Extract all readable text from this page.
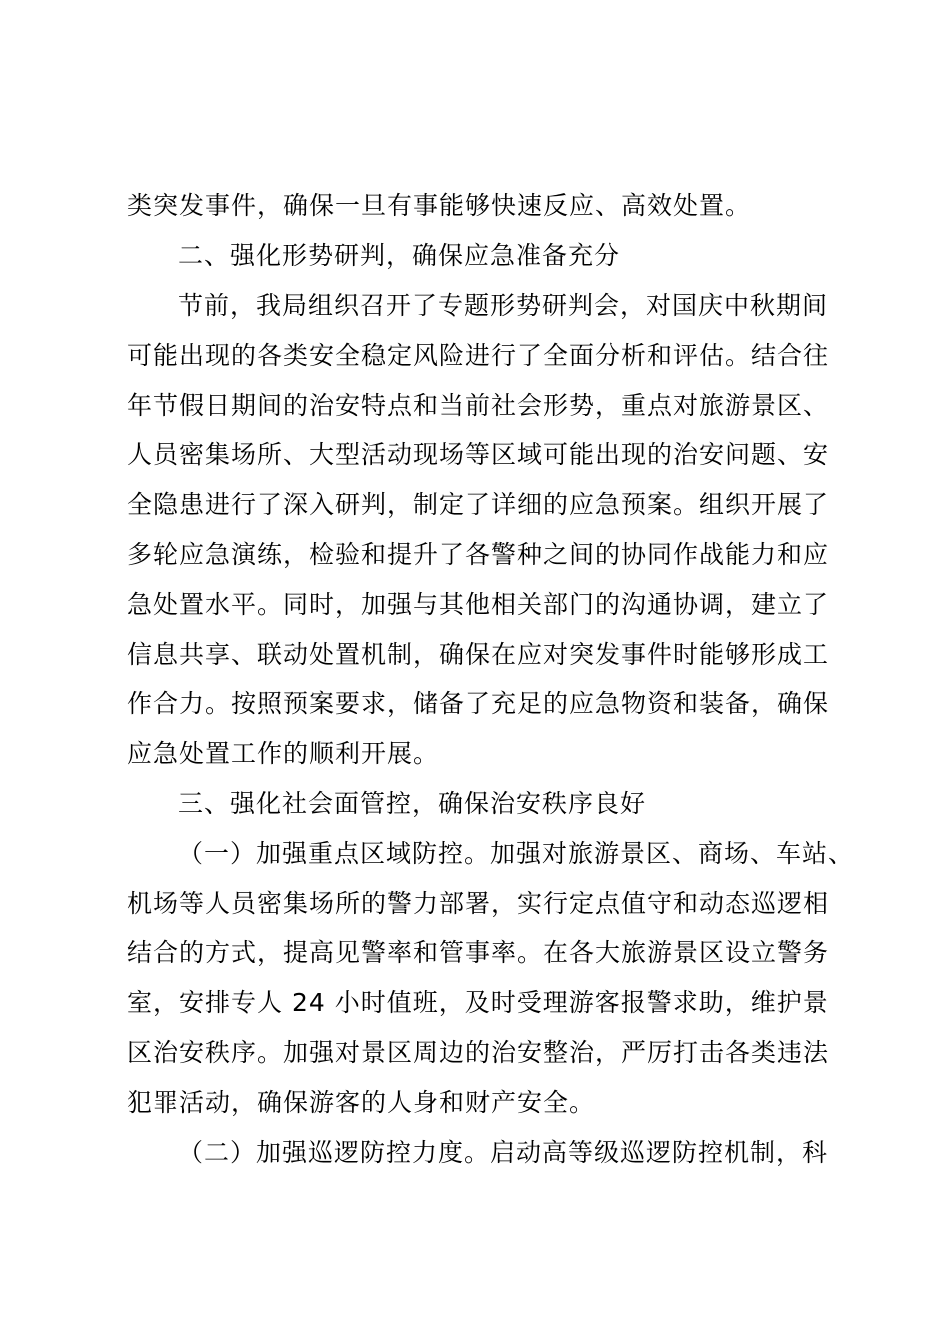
类突发事件，确保一旦有事能够快速反应、高效处置。
二、强化形势研判，确保应急准备充分
节前，我局组织召开了专题形势研判会，对国庆中秋期间
可能出现的各类安全稳定风险进行了全面分析和评估。结合往
年节假日期间的治安特点和当前社会形势，重点对旅游景区、
人员密集场所、大型活动现场等区域可能出现的治安问题、安
全隐患进行了深入研判，制定了详细的应急预案。组织开展了
多轮应急演练，检验和提升了各警种之间的协同作战能力和应
急处置水平。同时，加强与其他相关部门的沟通协调，建立了
信息共享、联动处置机制，确保在应对突发事件时能够形成工
作合力。按照预案要求，储备了充足的应急物资和装备，确保
应急处置工作的顺利开展。
三、强化社会面管控，确保治安秩序良好
（一）加强重点区域防控。加强对旅游景区、商场、车站、
机场等人员密集场所的警力部署，实行定点值守和动态巡逻相
结合的方式，提高见警率和管事率。在各大旅游景区设立警务
室，安排专人 24 小时值班，及时受理游客报警求助，维护景
区治安秩序。加强对景区周边的治安整治，严厉打击各类违法
犯罪活动，确保游客的人身和财产安全。
（二）加强巡逻防控力度。启动高等级巡逻防控机制，科
